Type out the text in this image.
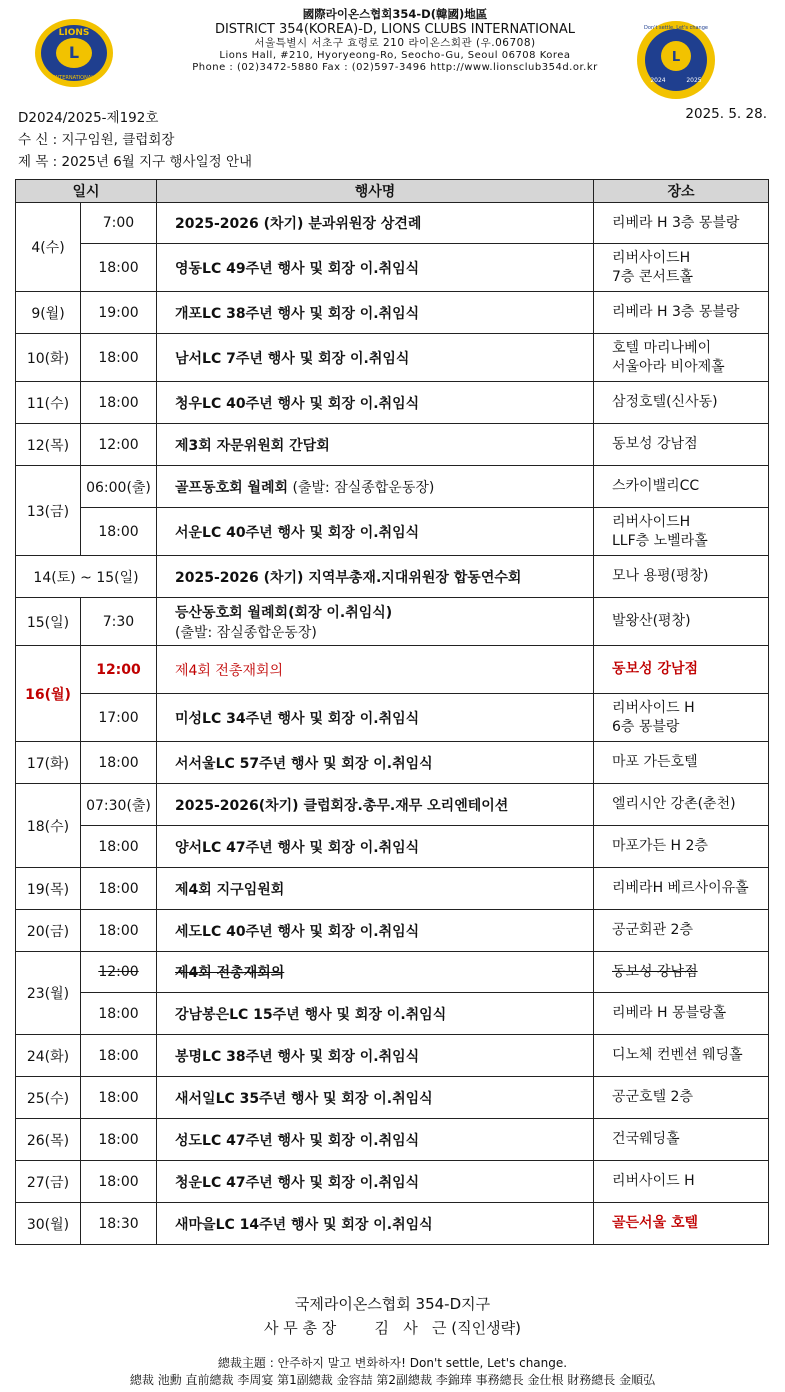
L
LIONS
INTERNATIONAL
國際라이온스협회354-D(韓國)地區
DISTRICT 354(KOREA)-D, LIONS CLUBS INTERNATIONAL
서울특별시 서초구 효령로 210 라이온스회관 (우.06708)
Lions Hall, #210, Hyoryeong-Ro, Seocho-Gu, Seoul 06708 Korea
Phone : (02)3472-5880 Fax : (02)597-3496 http://www.lionsclub354d.or.kr
L
Don't settle, Let's change
2024	2025
D2024/2025-제192호	2025. 5. 28.
수 신 : 지구임원, 클럽회장
제 목 : 2025년 6월 지구 행사일정 안내
일시		행사명	장소
4(수)	7:00	2025-2026 (차기) 분과위원장 상견례	리베라 H 3층 몽블랑
	18:00	영동LC 49주년 행사 및 회장 이.취임식	리버사이드H
7층 콘서트홀
9(월)	19:00	개포LC 38주년 행사 및 회장 이.취임식	리베라 H 3층 몽블랑
10(화)	18:00	남서LC 7주년 행사 및 회장 이.취임식	호텔 마리나베이
서울아라 비아제홀
11(수)	18:00	청우LC 40주년 행사 및 회장 이.취임식	삼정호텔(신사동)
12(목)	12:00	제3회 자문위원회 간담회	동보성 강남점
13(금)	06:00(출)	골프동호회 월례회 (출발: 잠실종합운동장)	스카이밸리CC
	18:00	서운LC 40주년 행사 및 회장 이.취임식	리버사이드H
LLF층 노벨라홀
14(토) ~ 15(일)		2025-2026 (차기) 지역부총재.지대위원장 합동연수회	모나 용평(평창)
15(일)	7:30	등산동호회 월례회(회장 이.취임식)
(출발: 잠실종합운동장)	발왕산(평창)
16(월)	12:00	제4회 전총재회의	동보성 강남점
	17:00	미성LC 34주년 행사 및 회장 이.취임식	리버사이드 H
6층 몽블랑
17(화)	18:00	서서울LC 57주년 행사 및 회장 이.취임식	마포 가든호텔
18(수)	07:30(출)	2025-2026(차기) 클럽회장.총무.재무 오리엔테이션	엘리시안 강촌(춘천)
	18:00	양서LC 47주년 행사 및 회장 이.취임식	마포가든 H 2층
19(목)	18:00	제4회 지구임원회	리베라H 베르사이유홀
20(금)	18:00	세도LC 40주년 행사 및 회장 이.취임식	공군회관 2층
23(월)	12:00	제4회 전총재회의	동보성 강남점
	18:00	강남봉은LC 15주년 행사 및 회장 이.취임식	리베라 H 몽블랑홀
24(화)	18:00	봉명LC 38주년 행사 및 회장 이.취임식	디노체 컨벤션 웨딩홀
25(수)	18:00	새서일LC 35주년 행사 및 회장 이.취임식	공군호텔 2층
26(목)	18:00	성도LC 47주년 행사 및 회장 이.취임식	건국웨딩홀
27(금)	18:00	청운LC 47주년 행사 및 회장 이.취임식	리버사이드 H
30(월)	18:30	새마을LC 14주년 행사 및 회장 이.취임식	골든서울 호텔
국제라이온스협회 354-D지구
사 무 총 장        김   사   근 (직인생략)
總裁主題 : 안주하지 말고 변화하자! Don't settle, Let's change.
總裁 池勳 直前總裁 李周宴 第1副總裁 金容喆 第2副總裁 李錦琫 事務總長 金仕根 財務總長 金順弘
